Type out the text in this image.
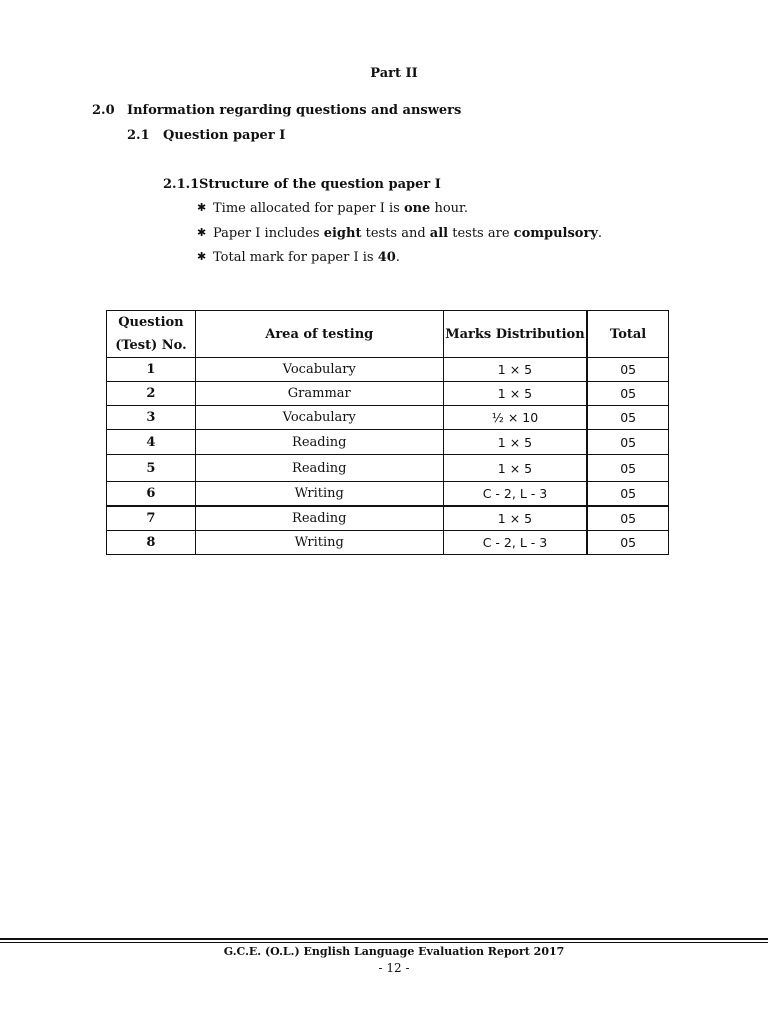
Part II
2.0 Information regarding questions and answers
2.1 Question paper I
2.1.1 Structure of the question paper I
✱ Time allocated for paper I is one hour.
✱ Paper I includes eight tests and all tests are compulsory.
✱ Total mark for paper I is 40.
Question
(Test) No.	Area of testing	Marks Distribution	Total
1	Vocabulary	1 × 5	05
2	Grammar	1 × 5	05
3	Vocabulary	½ × 10	05
4	Reading	1 × 5	05
5	Reading	1 × 5	05
6	Writing	C - 2, L - 3	05
7	Reading	1 × 5	05
8	Writing	C - 2, L - 3	05
G.C.E. (O.L.) English Language Evaluation Report 2017
- 12 -
